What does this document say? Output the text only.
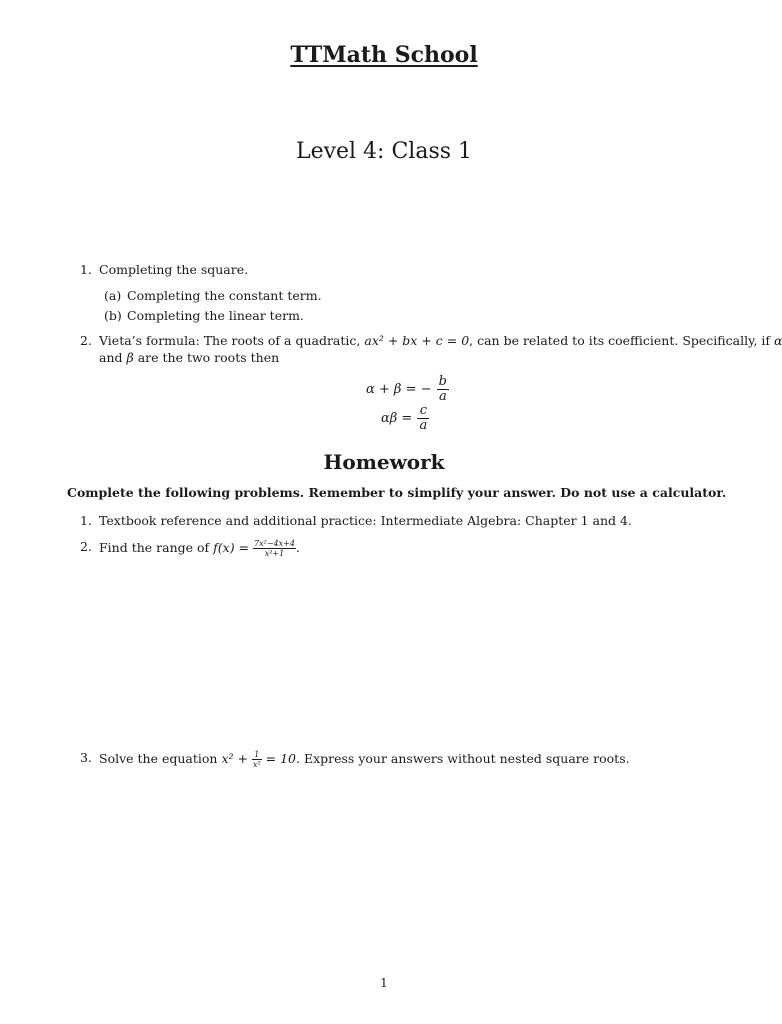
TTMath School
Level 4: Class 1
1. Completing the square.
(a) Completing the constant term.
(b) Completing the linear term.
2. Vieta’s formula: The roots of a quadratic, ax² + bx + c = 0, can be related to its coefficient. Specifically, if α
and β are the two roots then
α + β = − $\frac{b}{a}$
$\alpha\beta = \frac{c}{a}$
Homework
Complete the following problems. Remember to simplify your answer. Do not use a calculator.
1. Textbook reference and additional practice: Intermediate Algebra: Chapter 1 and 4.
2. Find the range of $f(x) = \frac{\text{7x²−4x+4}}{\text{x²+1}}$ .
3. Solve the equation $x^2 + \frac{1}{\text{x²}} = 10$. Express your answers without nested square roots.
1
